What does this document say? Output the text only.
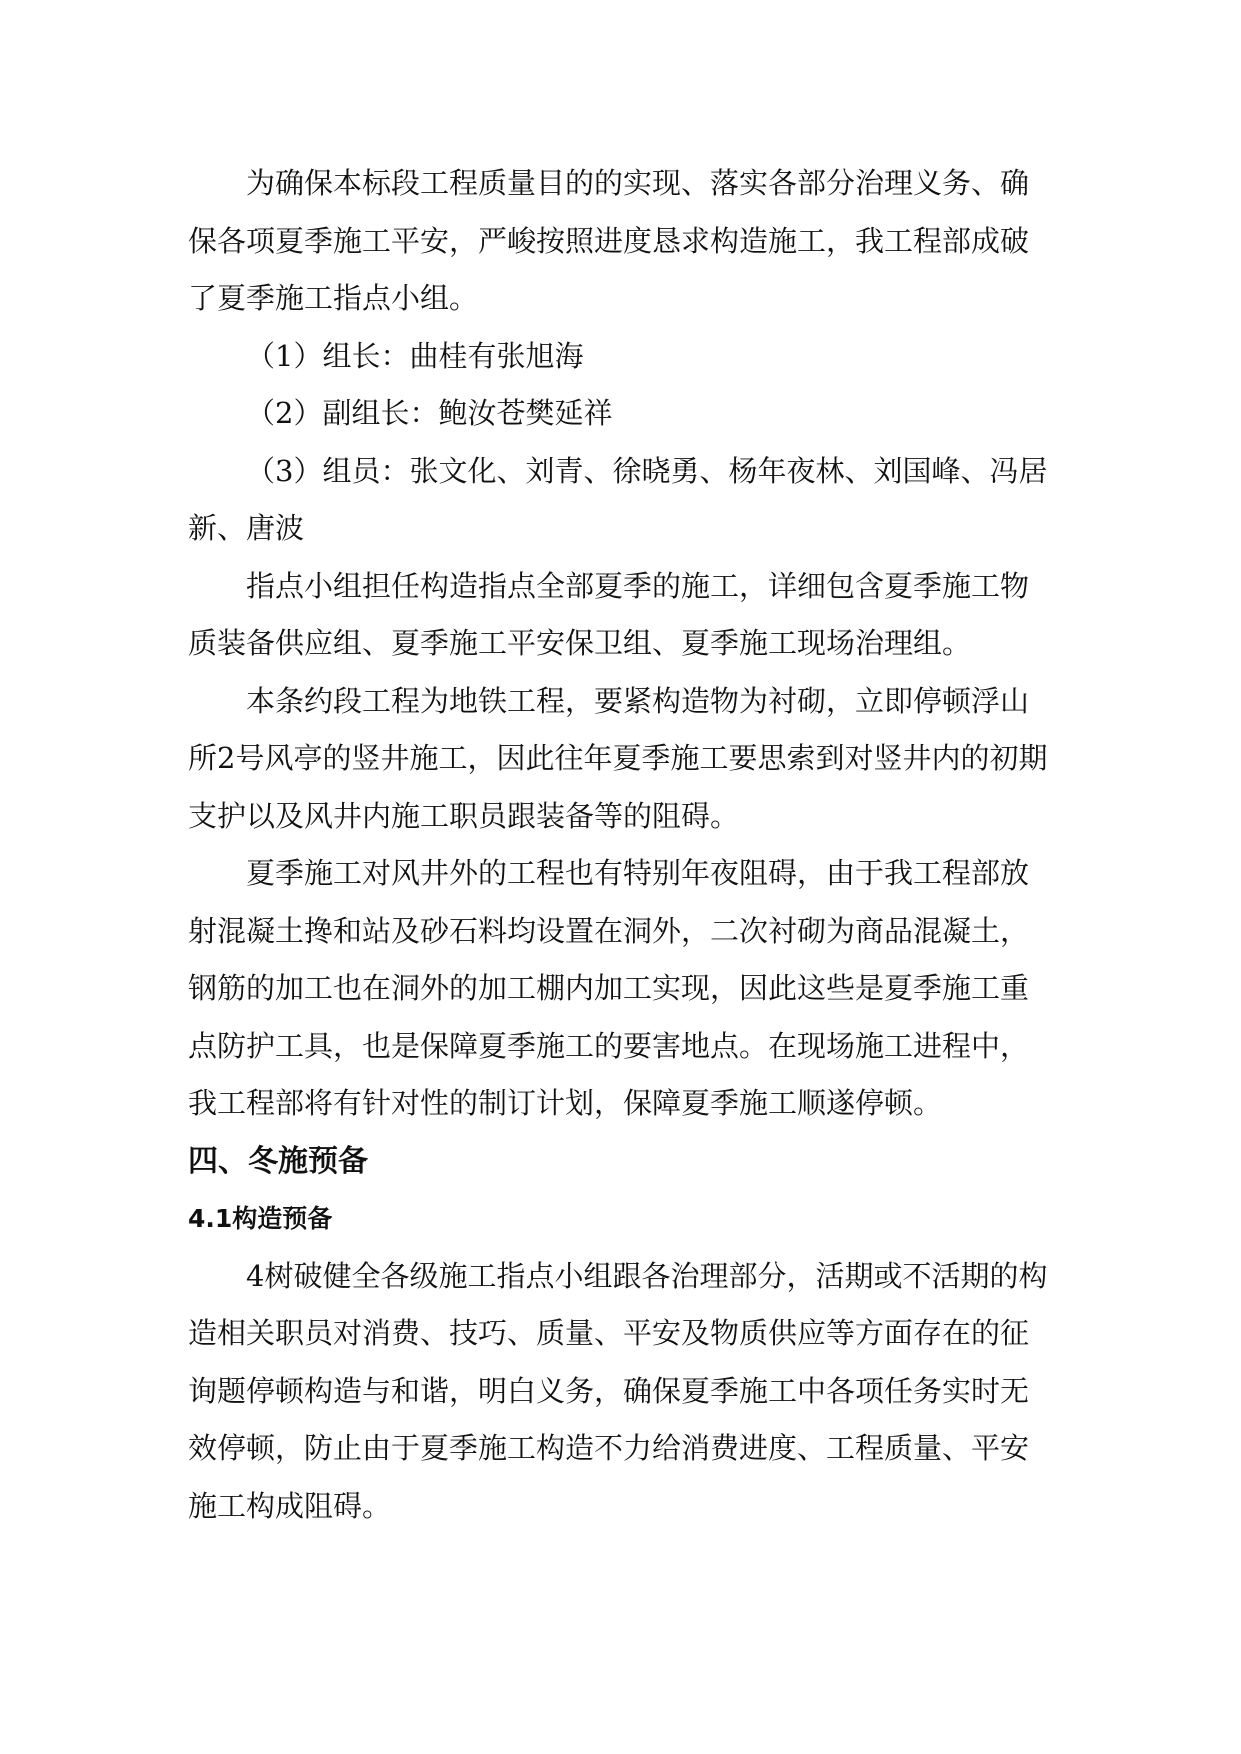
为确保本标段工程质量目的的实现、落实各部分治理义务、确保各项夏季施工平安，严峻按照进度恳求构造施工，我工程部成破了夏季施工指点小组。

（1）组长：曲桂有张旭海

（2）副组长：鲍汝苍樊延祥

（3）组员：张文化、刘青、徐晓勇、杨年夜林、刘国峰、冯居新、唐波

指点小组担任构造指点全部夏季的施工，详细包含夏季施工物质装备供应组、夏季施工平安保卫组、夏季施工现场治理组。

本条约段工程为地铁工程，要紧构造物为衬砌，立即停顿浮山所2号风亭的竖井施工，因此往年夏季施工要思索到对竖井内的初期支护以及风井内施工职员跟装备等的阻碍。

夏季施工对风井外的工程也有特别年夜阻碍，由于我工程部放射混凝土搀和站及砂石料均设置在洞外，二次衬砌为商品混凝土，钢筋的加工也在洞外的加工棚内加工实现，因此这些是夏季施工重点防护工具，也是保障夏季施工的要害地点。在现场施工进程中，我工程部将有针对性的制订计划，保障夏季施工顺遂停顿。

四、冬施预备
4.1构造预备

4树破健全各级施工指点小组跟各治理部分，活期或不活期的构造相关职员对消费、技巧、质量、平安及物质供应等方面存在的征询题停顿构造与和谐，明白义务，确保夏季施工中各项任务实时无效停顿，防止由于夏季施工构造不力给消费进度、工程质量、平安施工构成阻碍。
